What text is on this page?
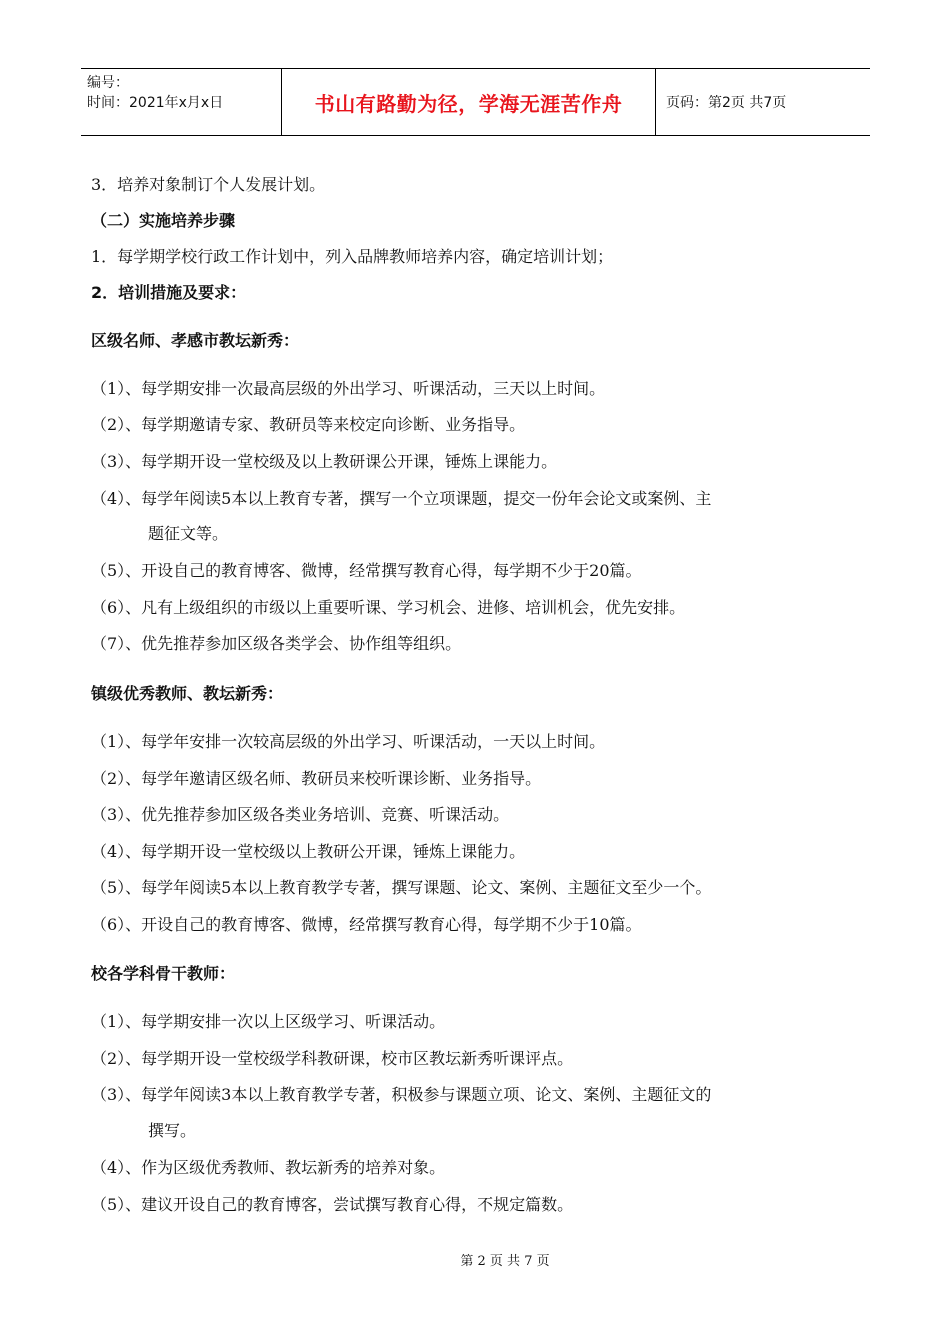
编号：
时间：2021年x月x日	书山有路勤为径，学海无涯苦作舟	页码：第2页 共7页
3．培养对象制订个人发展计划。
（二）实施培养步骤
1．每学期学校行政工作计划中，列入品牌教师培养内容，确定培训计划；
2．培训措施及要求：
区级名师、孝感市教坛新秀：
（1）、每学期安排一次最高层级的外出学习、听课活动，三天以上时间。
（2）、每学期邀请专家、教研员等来校定向诊断、业务指导。
（3）、每学期开设一堂校级及以上教研课公开课，锤炼上课能力。
（4）、每学年阅读5本以上教育专著，撰写一个立项课题，提交一份年会论文或案例、主
题征文等。
（5）、开设自己的教育博客、微博，经常撰写教育心得，每学期不少于20篇。
（6）、凡有上级组织的市级以上重要听课、学习机会、进修、培训机会，优先安排。
（7）、优先推荐参加区级各类学会、协作组等组织。
镇级优秀教师、教坛新秀：
（1）、每学年安排一次较高层级的外出学习、听课活动，一天以上时间。
（2）、每学年邀请区级名师、教研员来校听课诊断、业务指导。
（3）、优先推荐参加区级各类业务培训、竞赛、听课活动。
（4）、每学期开设一堂校级以上教研公开课，锤炼上课能力。
（5）、每学年阅读5本以上教育教学专著，撰写课题、论文、案例、主题征文至少一个。
（6）、开设自己的教育博客、微博，经常撰写教育心得，每学期不少于10篇。
校各学科骨干教师：
（1）、每学期安排一次以上区级学习、听课活动。
（2）、每学期开设一堂校级学科教研课，校市区教坛新秀听课评点。
（3）、每学年阅读3本以上教育教学专著，积极参与课题立项、论文、案例、主题征文的
撰写。
（4）、作为区级优秀教师、教坛新秀的培养对象。
（5）、建议开设自己的教育博客，尝试撰写教育心得，不规定篇数。
第 2 页 共 7 页
